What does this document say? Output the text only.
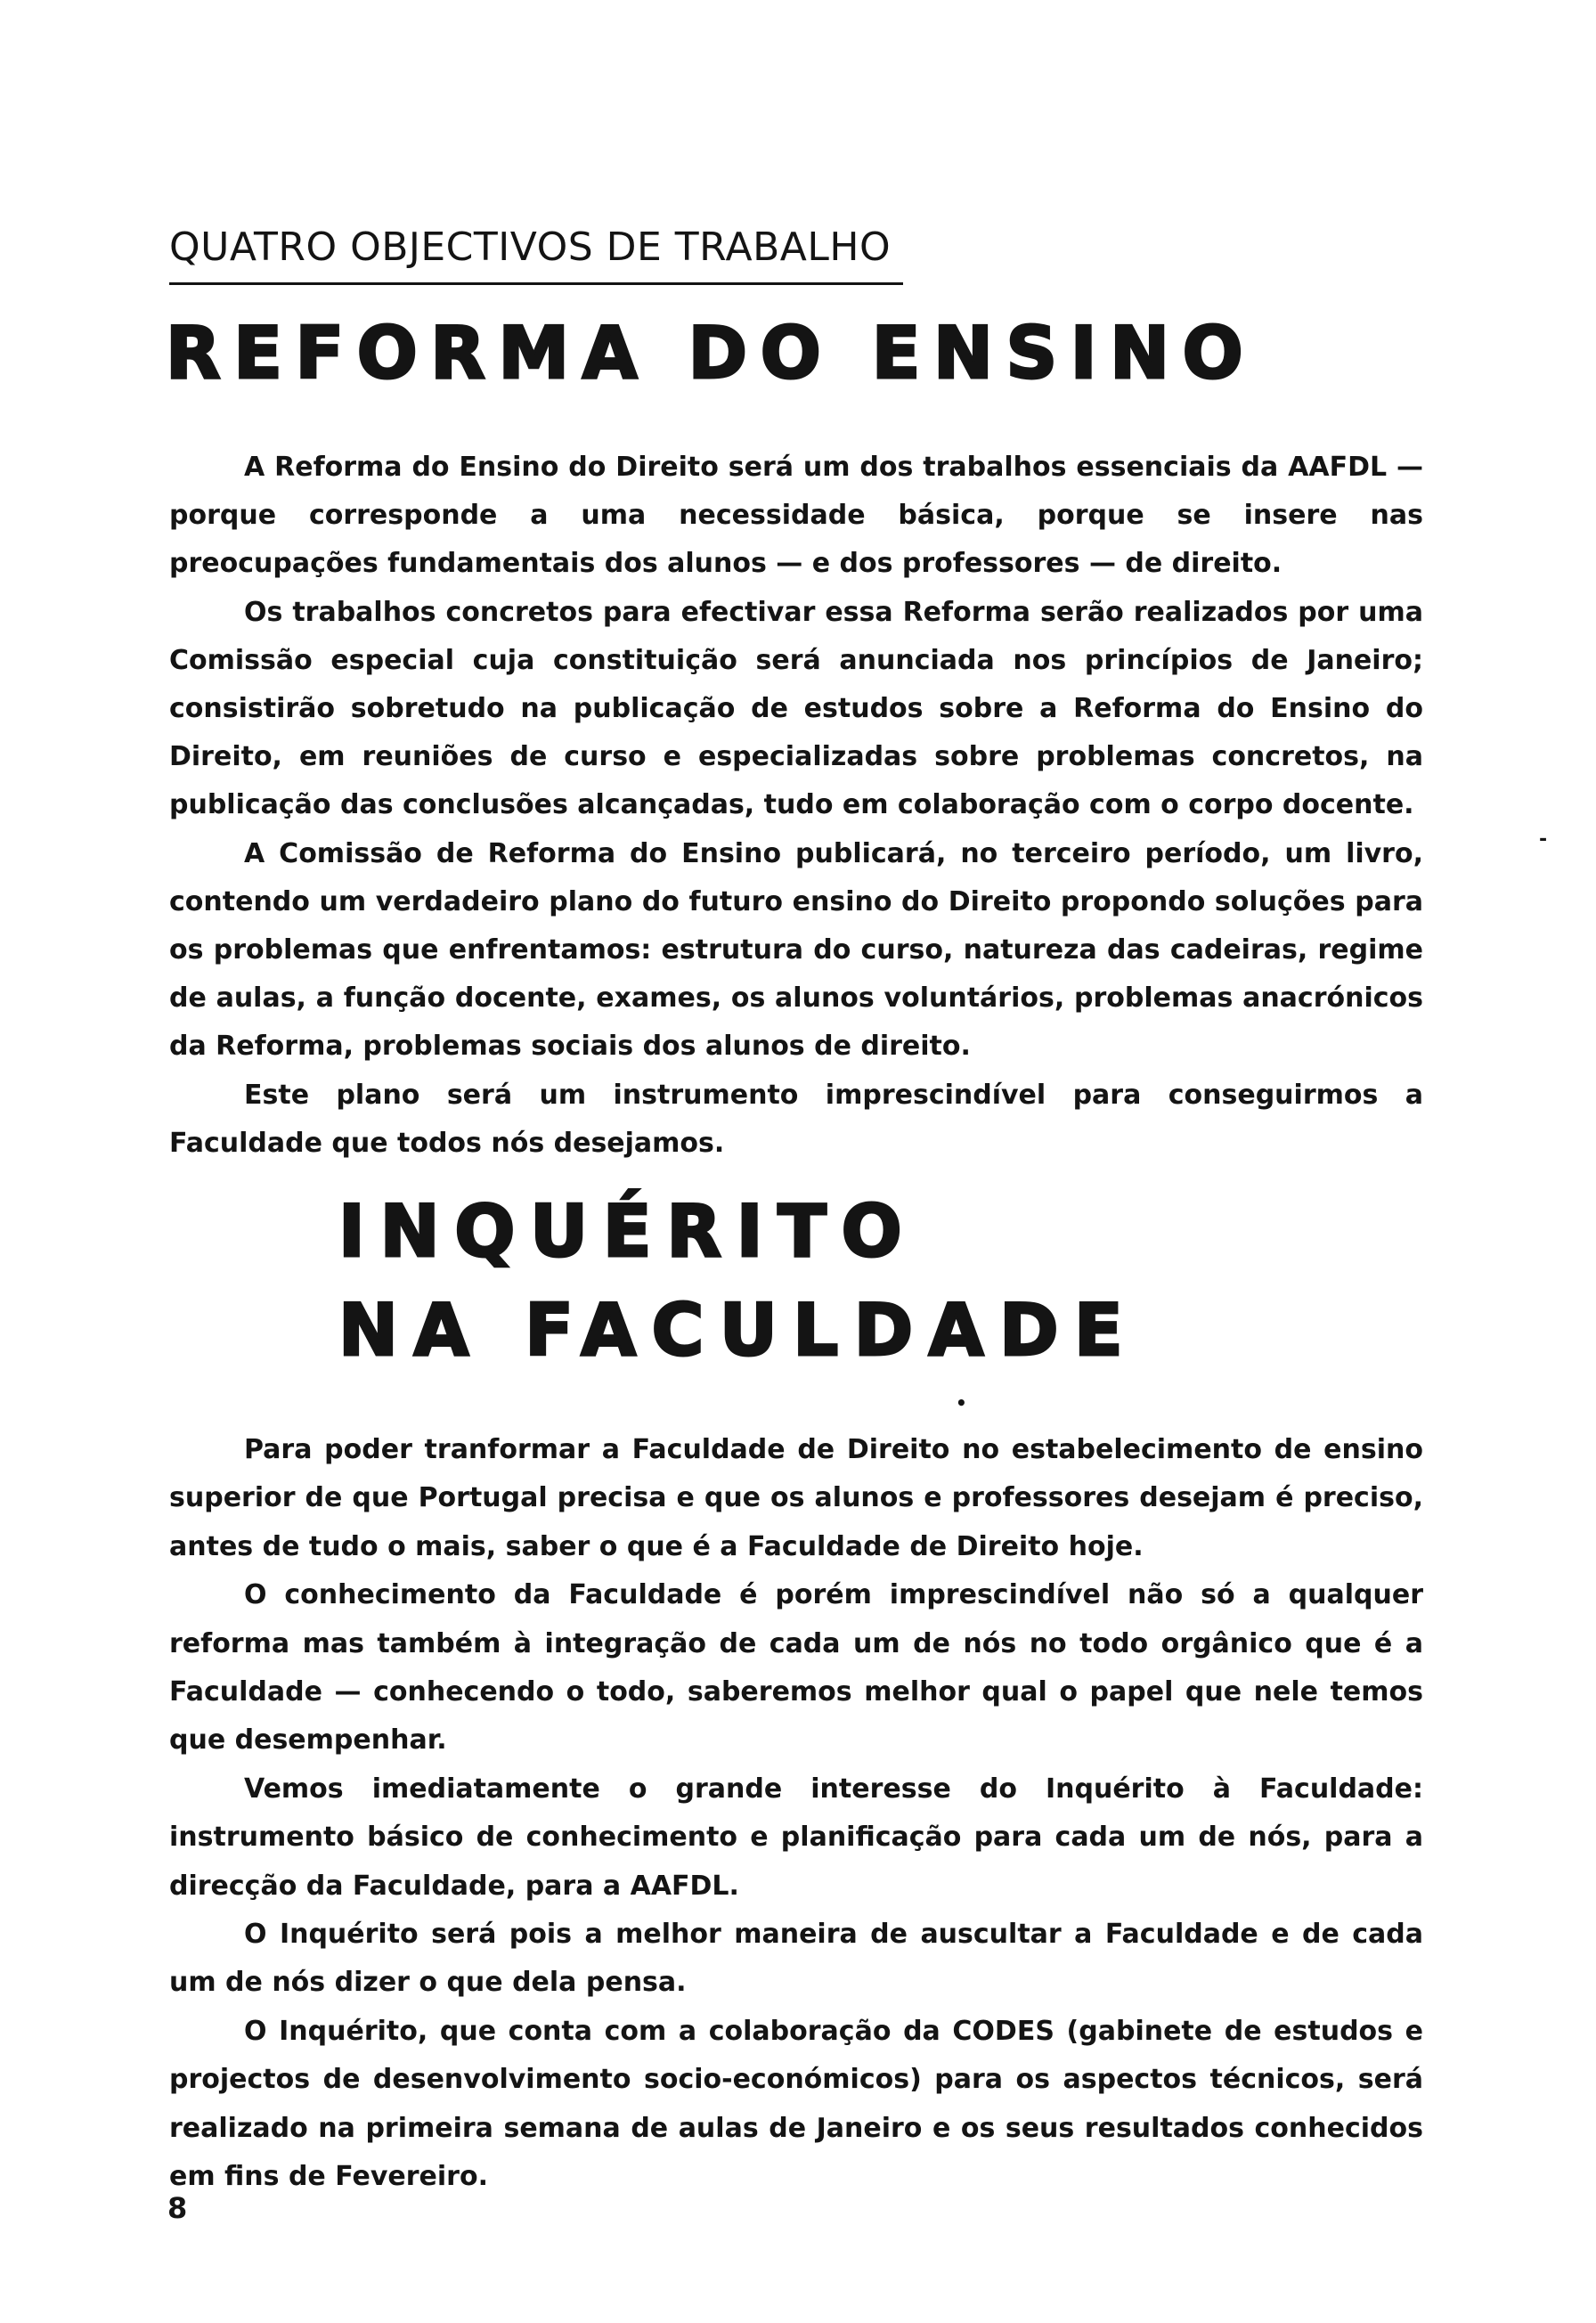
QUATRO OBJECTIVOS DE TRABALHO
REFORMA DO ENSINO

A Reforma do Ensino do Direito será um dos trabalhos essenciais da AAFDL — porque corresponde a uma necessidade básica, porque se insere nas preocupações fundamentais dos alunos — e dos professores — de direito.

Os trabalhos concretos para efectivar essa Reforma serão realizados por uma Comissão especial cuja constituição será anunciada nos princípios de Janeiro; consistirão sobretudo na publicação de estudos sobre a Reforma do Ensino do Direito, em reuniões de curso e especializadas sobre problemas concretos, na publicação das conclusões alcançadas, tudo em colaboração com o corpo docente.

A Comissão de Reforma do Ensino publicará, no terceiro período, um livro, contendo um verdadeiro plano do futuro ensino do Direito propondo soluções para os problemas que enfrentamos: estrutura do curso, natureza das cadeiras, regime de aulas, a função docente, exames, os alunos voluntários, problemas anacrónicos da Reforma, problemas sociais dos alunos de direito.

Este plano será um instrumento imprescindível para conseguirmos a Faculdade que todos nós desejamos.

-
INQUÉRITO
NA FACULDADE
•

Para poder tranformar a Faculdade de Direito no estabelecimento de ensino superior de que Portugal precisa e que os alunos e professores desejam é preciso, antes de tudo o mais, saber o que é a Faculdade de Direito hoje.

O conhecimento da Faculdade é porém imprescindível não só a qualquer reforma mas também à integração de cada um de nós no todo orgânico que é a Faculdade — conhecendo o todo, saberemos melhor qual o papel que nele temos que desempenhar.

Vemos imediatamente o grande interesse do Inquérito à Faculdade: instrumento básico de conhecimento e planificação para cada um de nós, para a direcção da Faculdade, para a AAFDL.

O Inquérito será pois a melhor maneira de auscultar a Faculdade e de cada um de nós dizer o que dela pensa.

O Inquérito, que conta com a colaboração da CODES (gabinete de estudos e projectos de desenvolvimento socio-económicos) para os aspectos técnicos, será realizado na primeira semana de aulas de Janeiro e os seus resultados conhecidos em fins de Fevereiro.

8
